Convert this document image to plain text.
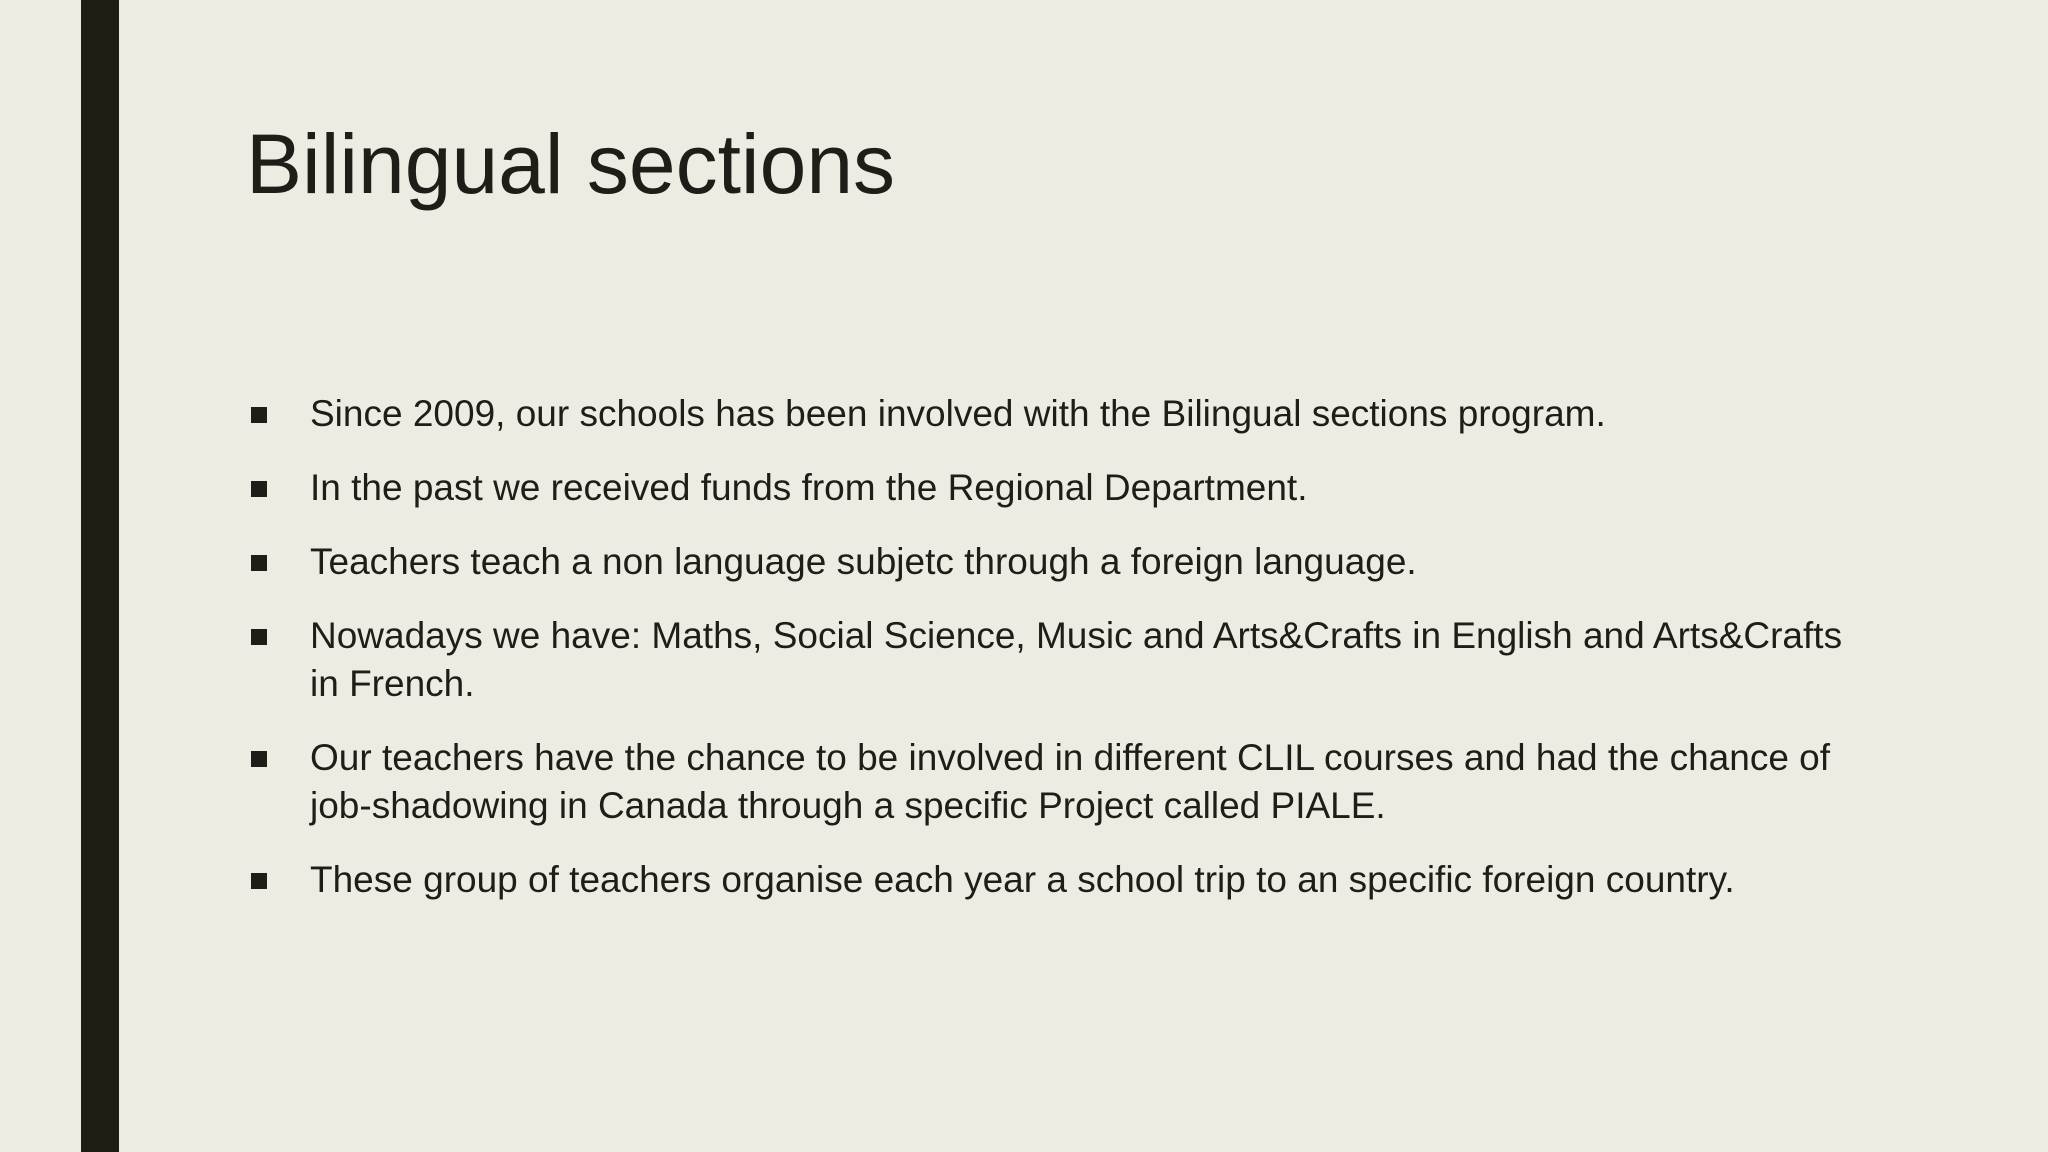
Bilingual sections
Since 2009, our schools has been involved with the Bilingual sections program.
In the past we received funds from the Regional Department.
Teachers teach a non language subjetc through a foreign language.
Nowadays we have: Maths, Social Science, Music and Arts&Crafts in English and Arts&Crafts in French.
Our teachers have the chance to be involved in different CLIL courses and had the chance of job-shadowing in Canada through a specific Project called PIALE.
These group of teachers organise each year a school trip to an specific foreign country.
